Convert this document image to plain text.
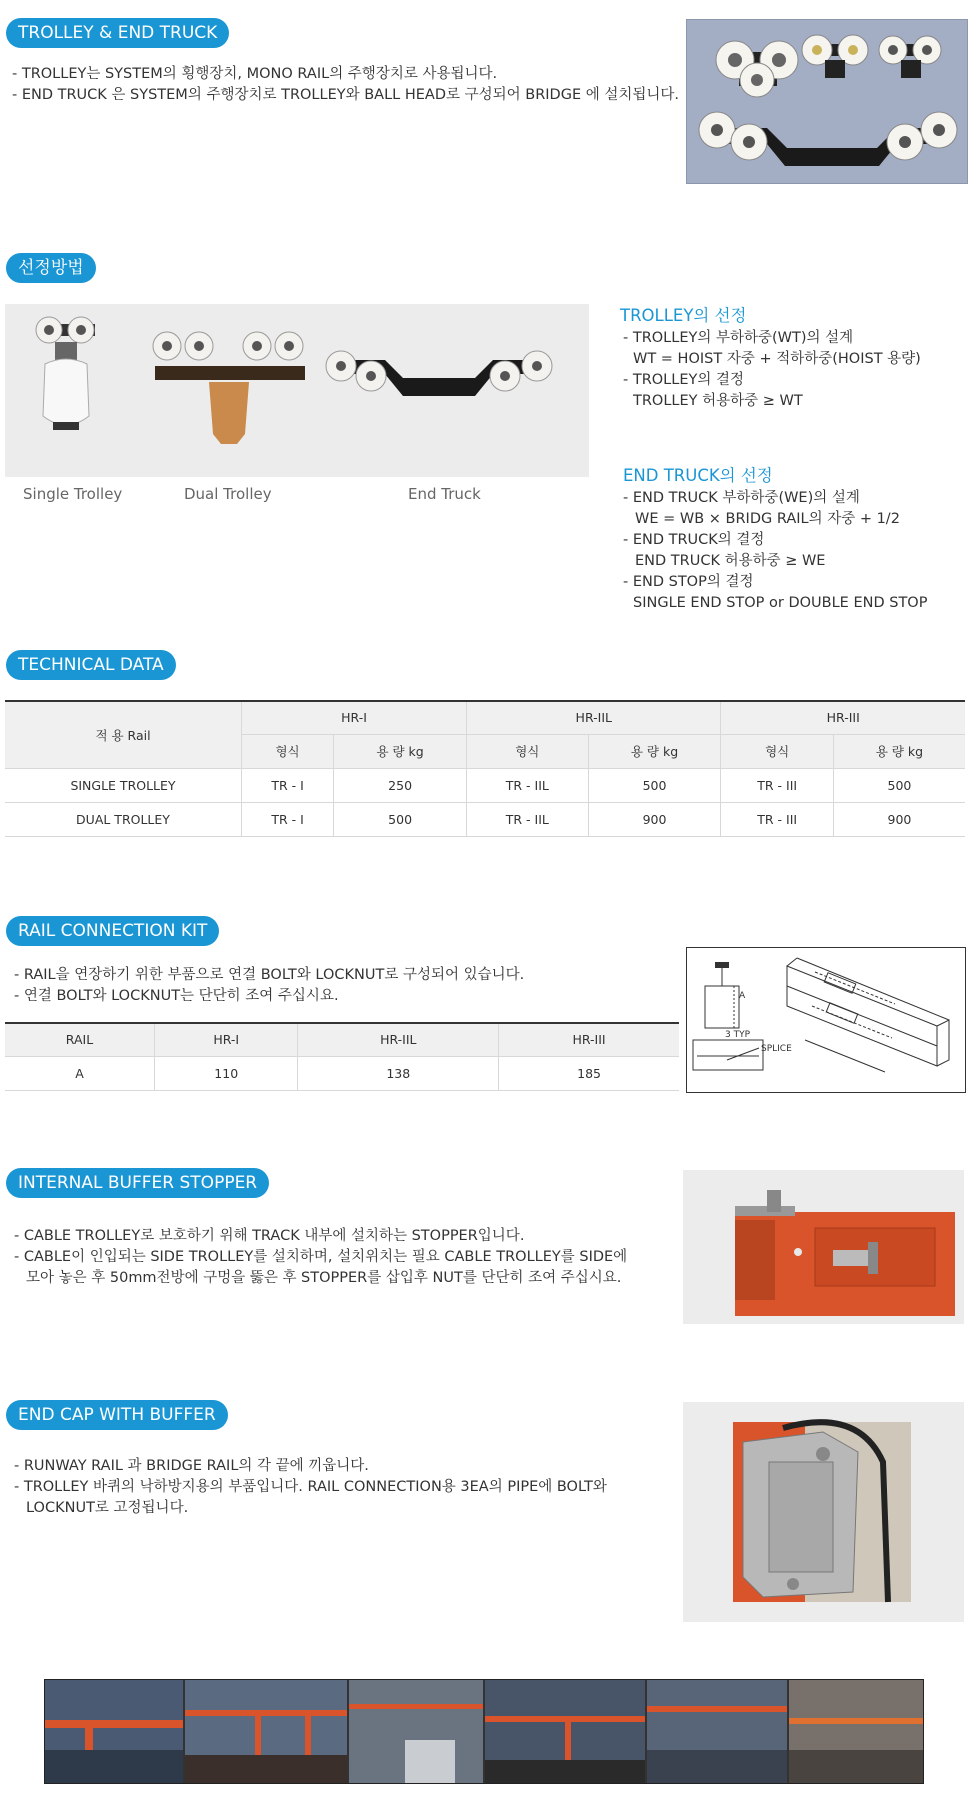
TROLLEY & END TRUCK
- TROLLEY는 SYSTEM의 횡행장치, MONO RAIL의 주행장치로 사용됩니다.
- END TRUCK 은 SYSTEM의 주행장치로 TROLLEY와 BALL HEAD로 구성되어 BRIDGE 에 설치됩니다.
선정방법
Single Trolley	Dual Trolley	End Truck
TROLLEY의 선정
- TROLLEY의 부하하중(WT)의 설계
WT = HOIST 자중 + 적하하중(HOIST 용량)
- TROLLEY의 결정
TROLLEY 허용하중 ≥ WT
END TRUCK의 선정
- END TRUCK 부하하중(WE)의 설계
WE = WB × BRIDG RAIL의 자중 + 1/2
- END TRUCK의 결정
END TRUCK 허용하중 ≥ WE
- END STOP의 결정
SINGLE END STOP or DOUBLE END STOP
TECHNICAL DATA
적 용 Rail	HR-I		HR-IIL		HR-III	
	형식	용 량 kg	형식	용 량 kg	형식	용 량 kg
SINGLE TROLLEY	TR - I	250	TR - IIL	500	TR - III	500
DUAL TROLLEY	TR - I	500	TR - IIL	900	TR - III	900
RAIL CONNECTION KIT
- RAIL을 연장하기 위한 부품으로 연결 BOLT와 LOCKNUT로 구성되어 있습니다.
- 연결 BOLT와 LOCKNUT는 단단히 조여 주십시요.
RAIL	HR-I	HR-IIL	HR-III
A	110	138	185
A
3 TYP
SPLICE
INTERNAL BUFFER STOPPER
- CABLE TROLLEY로 보호하기 위해 TRACK 내부에 설치하는 STOPPER입니다.
- CABLE이 인입되는 SIDE TROLLEY를 설치하며, 설치위치는 필요 CABLE TROLLEY를 SIDE에
모아 놓은 후 50mm전방에 구멍을 뚫은 후 STOPPER를 삽입후 NUT를 단단히 조여 주십시요.
END CAP WITH BUFFER
- RUNWAY RAIL 과 BRIDGE RAIL의 각 끝에 끼웁니다.
- TROLLEY 바퀴의 낙하방지용의 부품입니다. RAIL CONNECTION용 3EA의 PIPE에 BOLT와
LOCKNUT로 고정됩니다.
